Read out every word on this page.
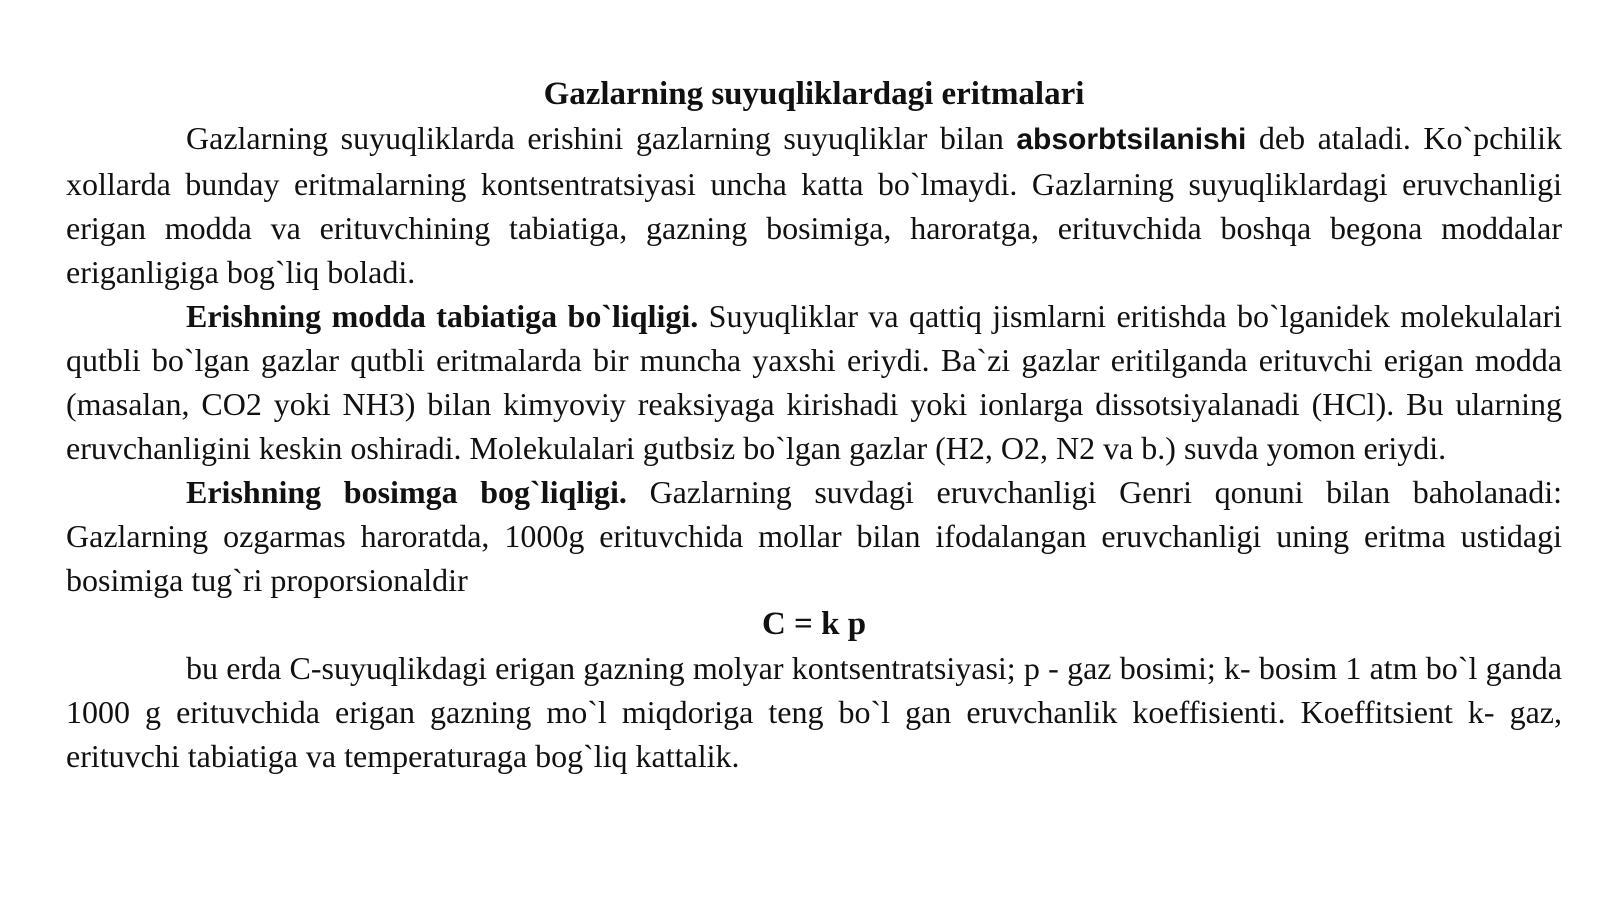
Gazlarning suyuqliklardagi eritmalari

Gazlarning suyuqliklarda erishini gazlarning suyuqliklar bilan absorbtsilanishi deb ataladi. Ko`pchilik xollarda bunday eritmalarning kontsentratsiyasi uncha katta bo`lmaydi. Gazlarning suyuqliklardagi eruvchanligi erigan modda va erituvchining tabiatiga, gazning bosimiga, haroratga, erituvchida boshqa begona moddalar eriganligiga bog`liq boladi.

Erishning modda tabiatiga bo`liqligi. Suyuqliklar va qattiq jismlarni eritishda bo`lganidek molekulalari qutbli bo`lgan gazlar qutbli eritmalarda bir muncha yaxshi eriydi. Ba`zi gazlar eritilganda erituvchi erigan modda (masalan, CO2 yoki NH3) bilan kimyoviy reaksiyaga kirishadi yoki ionlarga dissotsiyalanadi (HCl). Bu ularning eruvchanligini keskin oshiradi. Molekulalari gutbsiz bo`lgan gazlar (H2, O2, N2 va b.) suvda yomon eriydi.

Erishning bosimga bog`liqligi. Gazlarning suvdagi eruvchanligi Genri qonuni bilan baholanadi: Gazlarning ozgarmas haroratda, 1000g erituvchida mollar bilan ifodalangan eruvchanligi uning eritma ustidagi bosimiga tug`ri proporsionaldir

C = k p

bu erda C-suyuqlikdagi erigan gazning molyar kontsentratsiyasi; p - gaz bosimi; k- bosim 1 atm bo`l ganda 1000 g erituvchida erigan gazning mo`l miqdoriga teng bo`l gan eruvchanlik koeffisienti. Koeffitsient k- gaz, erituvchi tabiatiga va temperaturaga bog`liq kattalik.
